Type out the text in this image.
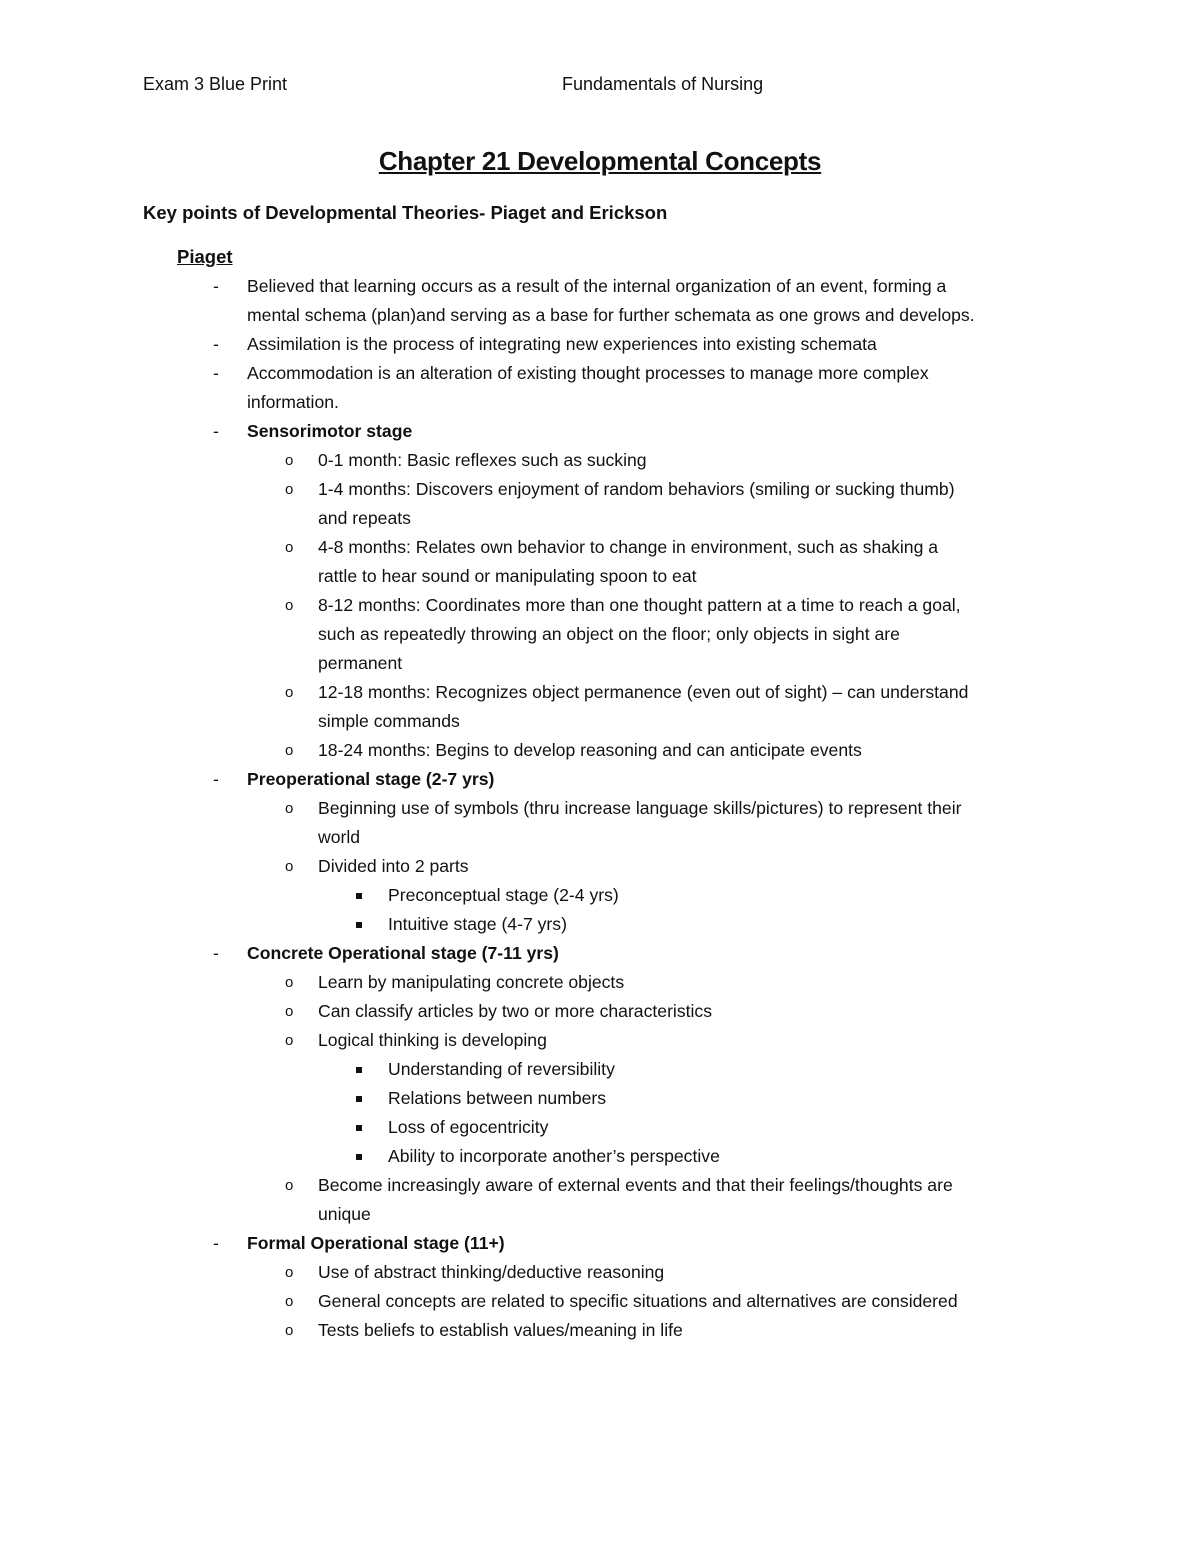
Exam 3 Blue Print	Fundamentals of Nursing
Chapter 21 Developmental Concepts
Key points of Developmental Theories- Piaget and Erickson
Piaget
- Believed that learning occurs as a result of the internal organization of an event, forming a
mental schema (plan)and serving as a base for further schemata as one grows and develops.
- Assimilation is the process of integrating new experiences into existing schemata
- Accommodation is an alteration of existing thought processes to manage more complex
information.
- Sensorimotor stage
o 0-1 month: Basic reflexes such as sucking
o 1-4 months: Discovers enjoyment of random behaviors (smiling or sucking thumb)
and repeats
o 4-8 months: Relates own behavior to change in environment, such as shaking a
rattle to hear sound or manipulating spoon to eat
o 8-12 months: Coordinates more than one thought pattern at a time to reach a goal,
such as repeatedly throwing an object on the floor; only objects in sight are
permanent
o 12-18 months: Recognizes object permanence (even out of sight) – can understand
simple commands
o 18-24 months: Begins to develop reasoning and can anticipate events
- Preoperational stage (2-7 yrs)
o Beginning use of symbols (thru increase language skills/pictures) to represent their
world
o Divided into 2 parts
Preconceptual stage (2-4 yrs)
Intuitive stage (4-7 yrs)
- Concrete Operational stage (7-11 yrs)
o Learn by manipulating concrete objects
o Can classify articles by two or more characteristics
o Logical thinking is developing
Understanding of reversibility
Relations between numbers
Loss of egocentricity
Ability to incorporate another’s perspective
o Become increasingly aware of external events and that their feelings/thoughts are
unique
- Formal Operational stage (11+)
o Use of abstract thinking/deductive reasoning
o General concepts are related to specific situations and alternatives are considered
o Tests beliefs to establish values/meaning in life
